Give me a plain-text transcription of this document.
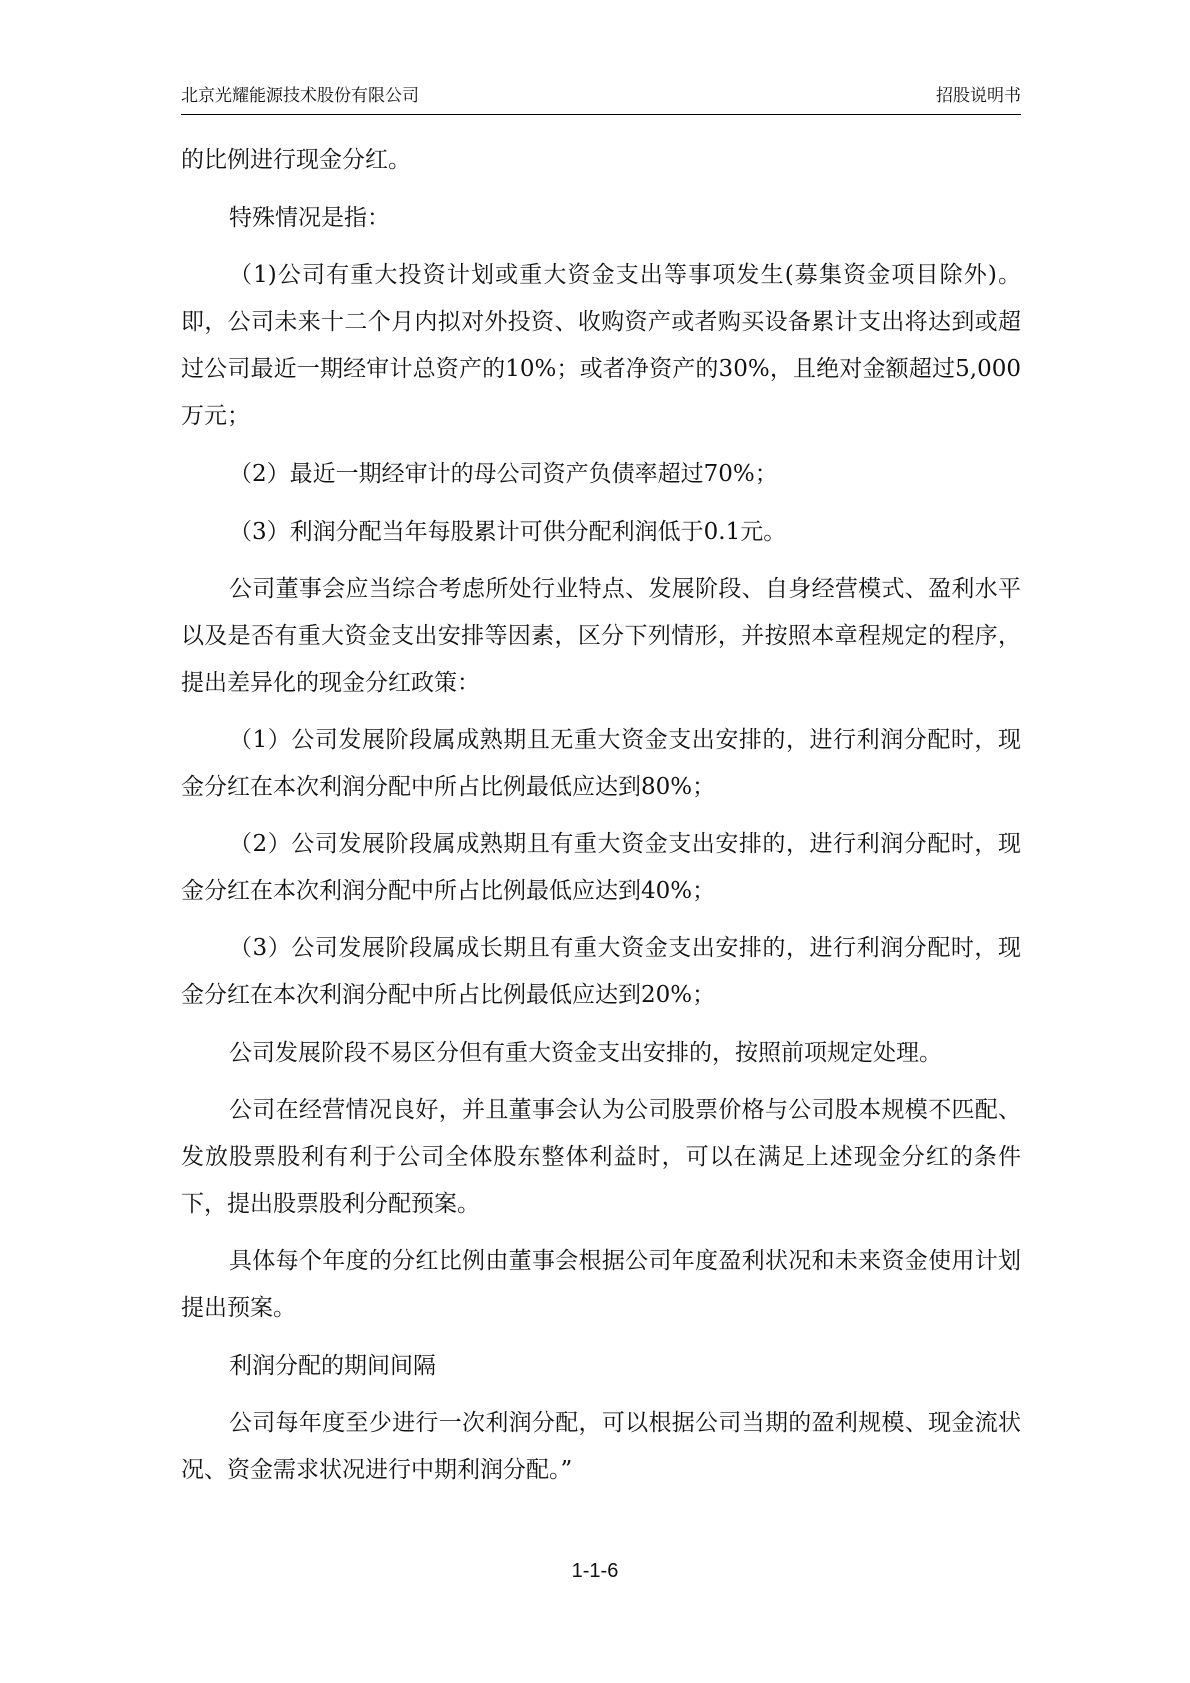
北京光耀能源技术股份有限公司	招股说明书

的比例进行现金分红。

特殊情况是指：

（1)公司有重大投资计划或重大资金支出等事项发生(募集资金项目除外)。即，公司未来十二个月内拟对外投资、收购资产或者购买设备累计支出将达到或超过公司最近一期经审计总资产的10%；或者净资产的30%，且绝对金额超过5,000万元；

（2）最近一期经审计的母公司资产负债率超过70%；

（3）利润分配当年每股累计可供分配利润低于0.1元。

公司董事会应当综合考虑所处行业特点、发展阶段、自身经营模式、盈利水平以及是否有重大资金支出安排等因素，区分下列情形，并按照本章程规定的程序，提出差异化的现金分红政策：

（1）公司发展阶段属成熟期且无重大资金支出安排的，进行利润分配时，现金分红在本次利润分配中所占比例最低应达到80%；

（2）公司发展阶段属成熟期且有重大资金支出安排的，进行利润分配时，现金分红在本次利润分配中所占比例最低应达到40%；

（3）公司发展阶段属成长期且有重大资金支出安排的，进行利润分配时，现金分红在本次利润分配中所占比例最低应达到20%；

公司发展阶段不易区分但有重大资金支出安排的，按照前项规定处理。

公司在经营情况良好，并且董事会认为公司股票价格与公司股本规模不匹配、发放股票股利有利于公司全体股东整体利益时，可以在满足上述现金分红的条件下，提出股票股利分配预案。

具体每个年度的分红比例由董事会根据公司年度盈利状况和未来资金使用计划提出预案。

利润分配的期间间隔

公司每年度至少进行一次利润分配，可以根据公司当期的盈利规模、现金流状况、资金需求状况进行中期利润分配。”

1-1-6
